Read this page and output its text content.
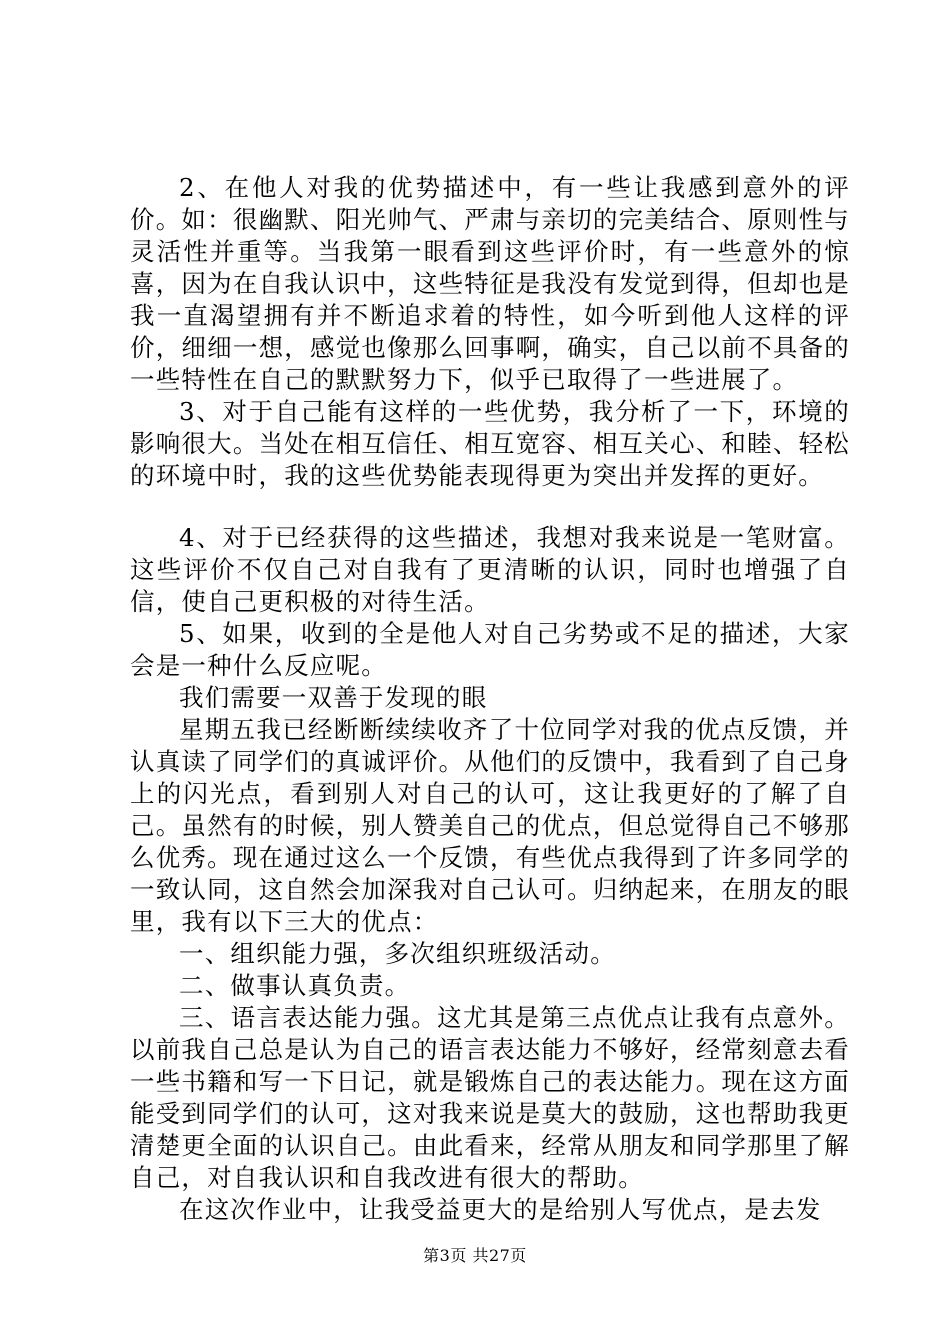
2、在他人对我的优势描述中，有一些让我感到意外的评价。如：很幽默、阳光帅气、严肃与亲切的完美结合、原则性与灵活性并重等。当我第一眼看到这些评价时，有一些意外的惊喜，因为在自我认识中，这些特征是我没有发觉到得，但却也是我一直渴望拥有并不断追求着的特性，如今听到他人这样的评价，细细一想，感觉也像那么回事啊，确实，自己以前不具备的一些特性在自己的默默努力下，似乎已取得了一些进展了。

3、对于自己能有这样的一些优势，我分析了一下，环境的影响很大。当处在相互信任、相互宽容、相互关心、和睦、轻松的环境中时，我的这些优势能表现得更为突出并发挥的更好。

4、对于已经获得的这些描述，我想对我来说是一笔财富。这些评价不仅自己对自我有了更清晰的认识，同时也增强了自信，使自己更积极的对待生活。

5、如果，收到的全是他人对自己劣势或不足的描述，大家会是一种什么反应呢。

我们需要一双善于发现的眼

星期五我已经断断续续收齐了十位同学对我的优点反馈，并认真读了同学们的真诚评价。从他们的反馈中，我看到了自己身上的闪光点，看到别人对自己的认可，这让我更好的了解了自己。虽然有的时候，别人赞美自己的优点，但总觉得自己不够那么优秀。现在通过这么一个反馈，有些优点我得到了许多同学的一致认同，这自然会加深我对自己认可。归纳起来，在朋友的眼里，我有以下三大的优点：

一、组织能力强，多次组织班级活动。

二、做事认真负责。

三、语言表达能力强。这尤其是第三点优点让我有点意外。以前我自己总是认为自己的语言表达能力不够好，经常刻意去看一些书籍和写一下日记，就是锻炼自己的表达能力。现在这方面能受到同学们的认可，这对我来说是莫大的鼓励，这也帮助我更清楚更全面的认识自己。由此看来，经常从朋友和同学那里了解自己，对自我认识和自我改进有很大的帮助。

在这次作业中，让我受益更大的是给别人写优点，是去发

第3页 共27页
